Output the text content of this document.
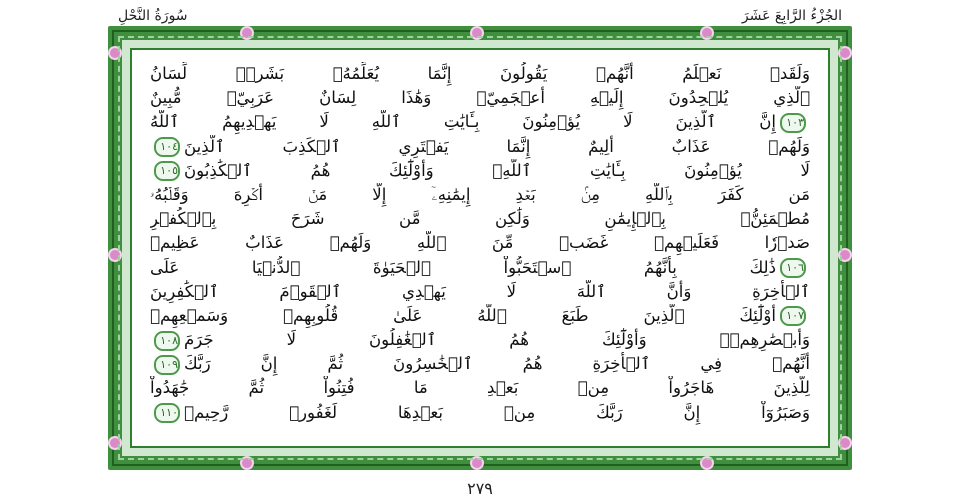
سُورَةُ النَّحْلِ	الجُزْءُ الرَّابِعَ عَشَرَ
وَلَقَدۡ نَعۡلَمُ أَنَّهُمۡ يَقُولُونَ إِنَّمَا يُعَلِّمُهُۥ بَشَرٞۗ لِّسَانُ
ٱلَّذِي يُلۡحِدُونَ إِلَيۡهِ أَعۡجَمِيّٞ وَهَٰذَا لِسَانٌ عَرَبِيّٞ مُّبِينٌ
١٠٣إِنَّ ٱلَّذِينَ لَا يُؤۡمِنُونَ بِـَٔايَٰتِ ٱللَّهِ لَا يَهۡدِيهِمُ ٱللَّهُ
وَلَهُمۡ عَذَابٌ أَلِيمٌ إِنَّمَا يَفۡتَرِي ٱلۡكَذِبَ ٱلَّذِينَ١٠٤
لَا يُؤۡمِنُونَ بِـَٔايَٰتِ ٱللَّهِۖ وَأُوْلَٰٓئِكَ هُمُ ٱلۡكَٰذِبُونَ١٠٥
مَن كَفَرَ بِٱللَّهِ مِنۢ بَعۡدِ إِيمَٰنِهِۦٓ إِلَّا مَنۡ أُكۡرِهَ وَقَلۡبُهُۥ
مُطۡمَئِنُّۢ بِٱلۡإِيمَٰنِ وَلَٰكِن مَّن شَرَحَ بِٱلۡكُفۡرِ
صَدۡرٗا فَعَلَيۡهِمۡ غَضَبٞ مِّنَ ٱللَّهِ وَلَهُمۡ عَذَابٌ عَظِيمٞ
١٠٦ذَٰلِكَ بِأَنَّهُمُ ٱسۡتَحَبُّواْ ٱلۡحَيَوٰةَ ٱلدُّنۡيَا عَلَى
ٱلۡأٓخِرَةِ وَأَنَّ ٱللَّهَ لَا يَهۡدِي ٱلۡقَوۡمَ ٱلۡكَٰفِرِينَ
١٠٧أُوْلَٰٓئِكَ ٱلَّذِينَ طَبَعَ ٱللَّهُ عَلَىٰ قُلُوبِهِمۡ وَسَمۡعِهِمۡ
وَأَبۡصَٰرِهِمۡۖ وَأُوْلَٰٓئِكَ هُمُ ٱلۡغَٰفِلُونَ لَا جَرَمَ١٠٨
أَنَّهُمۡ فِي ٱلۡأٓخِرَةِ هُمُ ٱلۡخَٰسِرُونَ ثُمَّ إِنَّ رَبَّكَ١٠٩
لِلَّذِينَ هَاجَرُواْ مِنۢ بَعۡدِ مَا فُتِنُواْ ثُمَّ جَٰهَدُواْ
وَصَبَرُوٓاْ إِنَّ رَبَّكَ مِنۢ بَعۡدِهَا لَغَفُورٞ رَّحِيمٞ١١٠
٢٧٩
